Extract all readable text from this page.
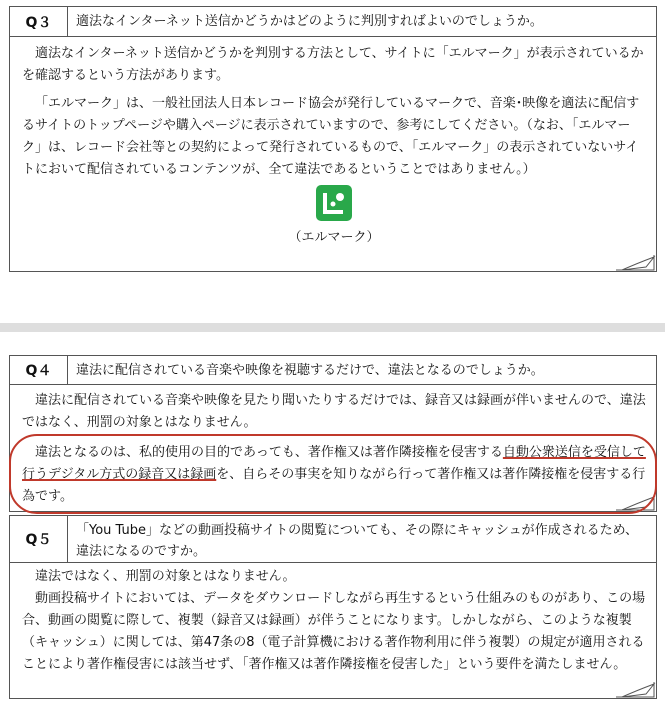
Q３	適法なインターネット送信かどうかはどのように判別すればよいのでしょうか。

適法なインターネット送信かどうかを判別する方法として、サイトに「エルマーク」が表示されているかを確認するという方法があります。

「エルマーク」は、一般社団法人日本レコード協会が発行しているマークで、音楽･映像を適法に配信するサイトのトップページや購入ページに表示されていますので、参考にしてください。（なお、「エルマーク」は、レコード会社等との契約によって発行されているもので、「エルマーク」の表示されていないサイトにおいて配信されているコンテンツが、全て違法であるということではありません。）

（エルマーク）
Q４	違法に配信されている音楽や映像を視聴するだけで、違法となるのでしょうか。

違法に配信されている音楽や映像を見たり聞いたりするだけでは、録音又は録画が伴いませんので、違法ではなく、刑罰の対象とはなりません。

違法となるのは、私的使用の目的であっても、著作権又は著作隣接権を侵害する自動公衆送信を受信して行うデジタル方式の録音又は録画を、自らその事実を知りながら行って著作権又は著作隣接権を侵害する行為です。

Q５
「You Tube」などの動画投稿サイトの閲覧についても、その際にキャッシュが作成されるため、違法になるのですか。

違法ではなく、刑罰の対象とはなりません。

動画投稿サイトにおいては、データをダウンロードしながら再生するという仕組みのものがあり、この場合、動画の閲覧に際して、複製（録音又は録画）が伴うことになります。しかしながら、このような複製（キャッシュ）に関しては、第47条の8（電子計算機における著作物利用に伴う複製）の規定が適用されることにより著作権侵害には該当せず、「著作権又は著作隣接権を侵害した」という要件を満たしません。
